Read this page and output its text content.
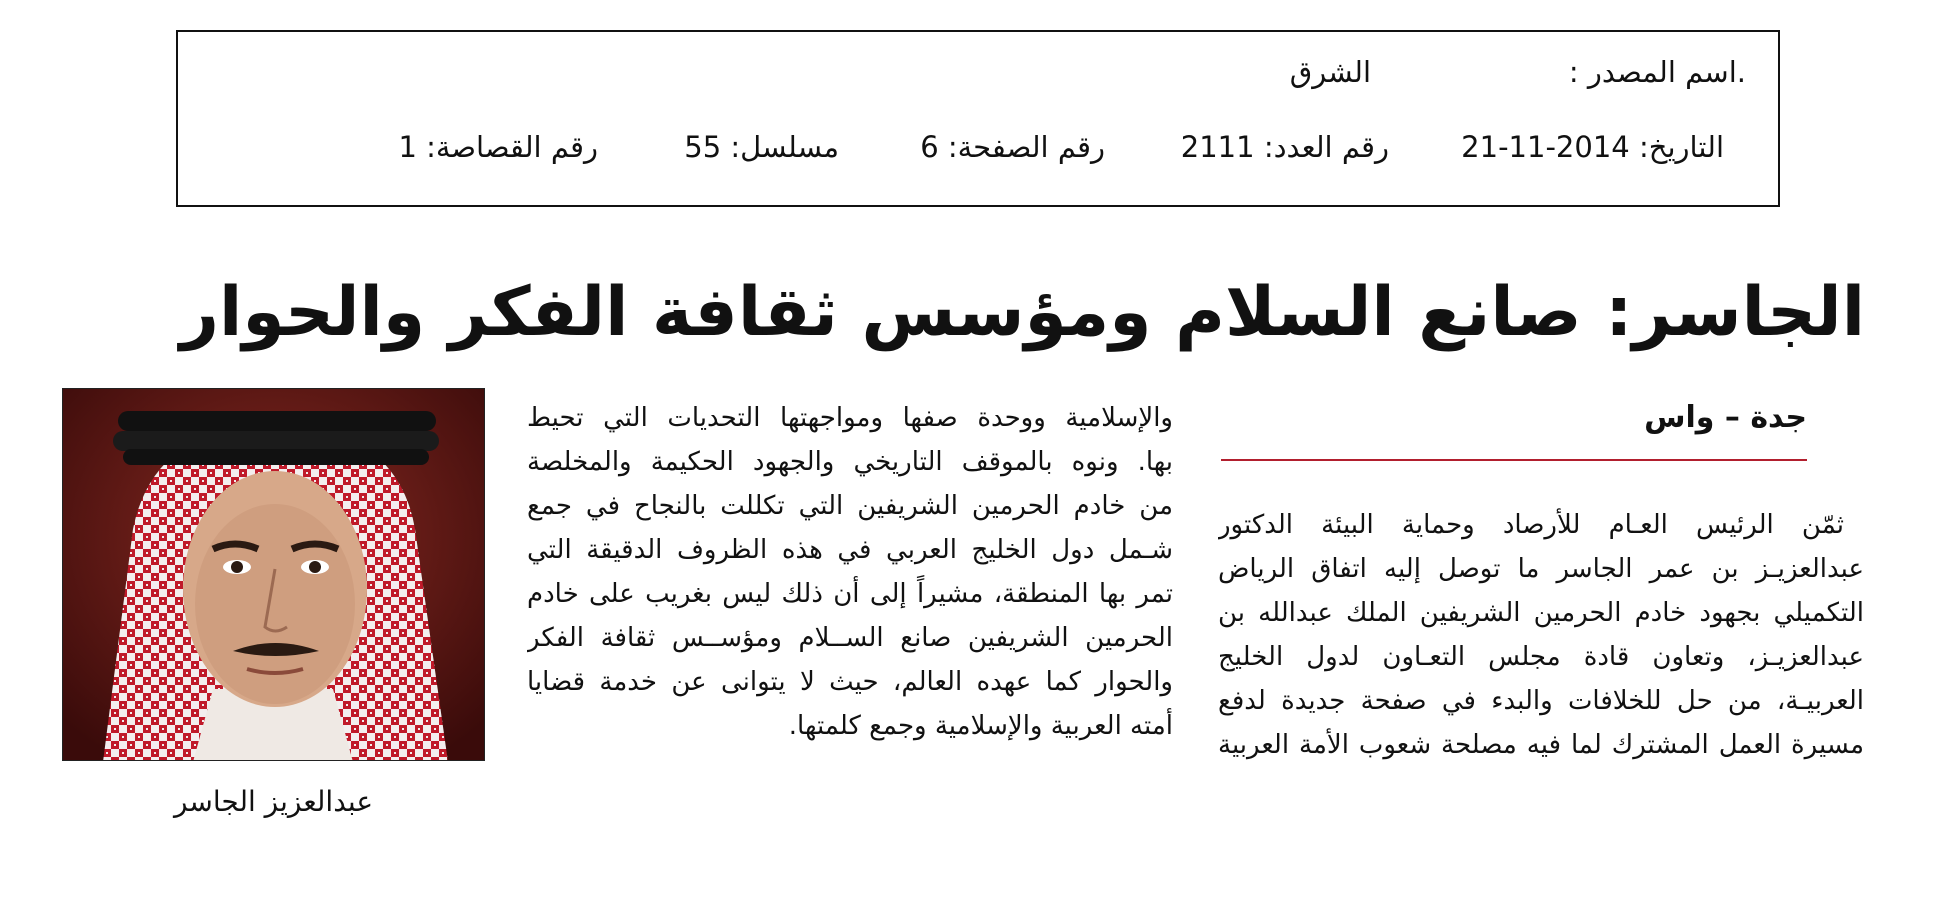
.اسم المصدر :
الشرق
التاريخ: 2014-11-21
رقم العدد: 2111
رقم الصفحة: 6
مسلسل: 55
رقم القصاصة: 1
الجاسر: صانع السلام ومؤسس ثقافة الفكر والحوار
جدة – واس
ثمّن الرئيس العـام للأرصاد وحماية البيئة الدكتور
عبدالعزيـز بن عمر الجاسر ما توصل إليه اتفاق الرياض
التكميلي بجهود خادم الحرمين الشريفين الملك عبدالله بن
عبدالعزيـز، وتعاون قادة مجلس التعـاون لدول الخليج
العربيـة، من حل للخلافات والبدء في صفحة جديدة لدفع
مسيرة العمل المشترك لما فيه مصلحة شعوب الأمة العربية
والإسلامية ووحدة صفها ومواجهتها التحديات التي تحيط
بها. ونوه بالموقف التاريخي والجهود الحكيمة والمخلصة
من خادم الحرمين الشريفين التي تكللت بالنجاح في جمع
شـمل دول الخليج العربي في هذه الظروف الدقيقة التي
تمر بها المنطقة، مشيراً إلى أن ذلك ليس بغريب على خادم
الحرمين الشريفين صانع الســلام ومؤســس ثقافة الفكر
والحوار كما عهده العالم، حيث لا يتوانى عن خدمة قضايا
أمته العربية والإسلامية وجمع كلمتها.
عبدالعزيز الجاسر
